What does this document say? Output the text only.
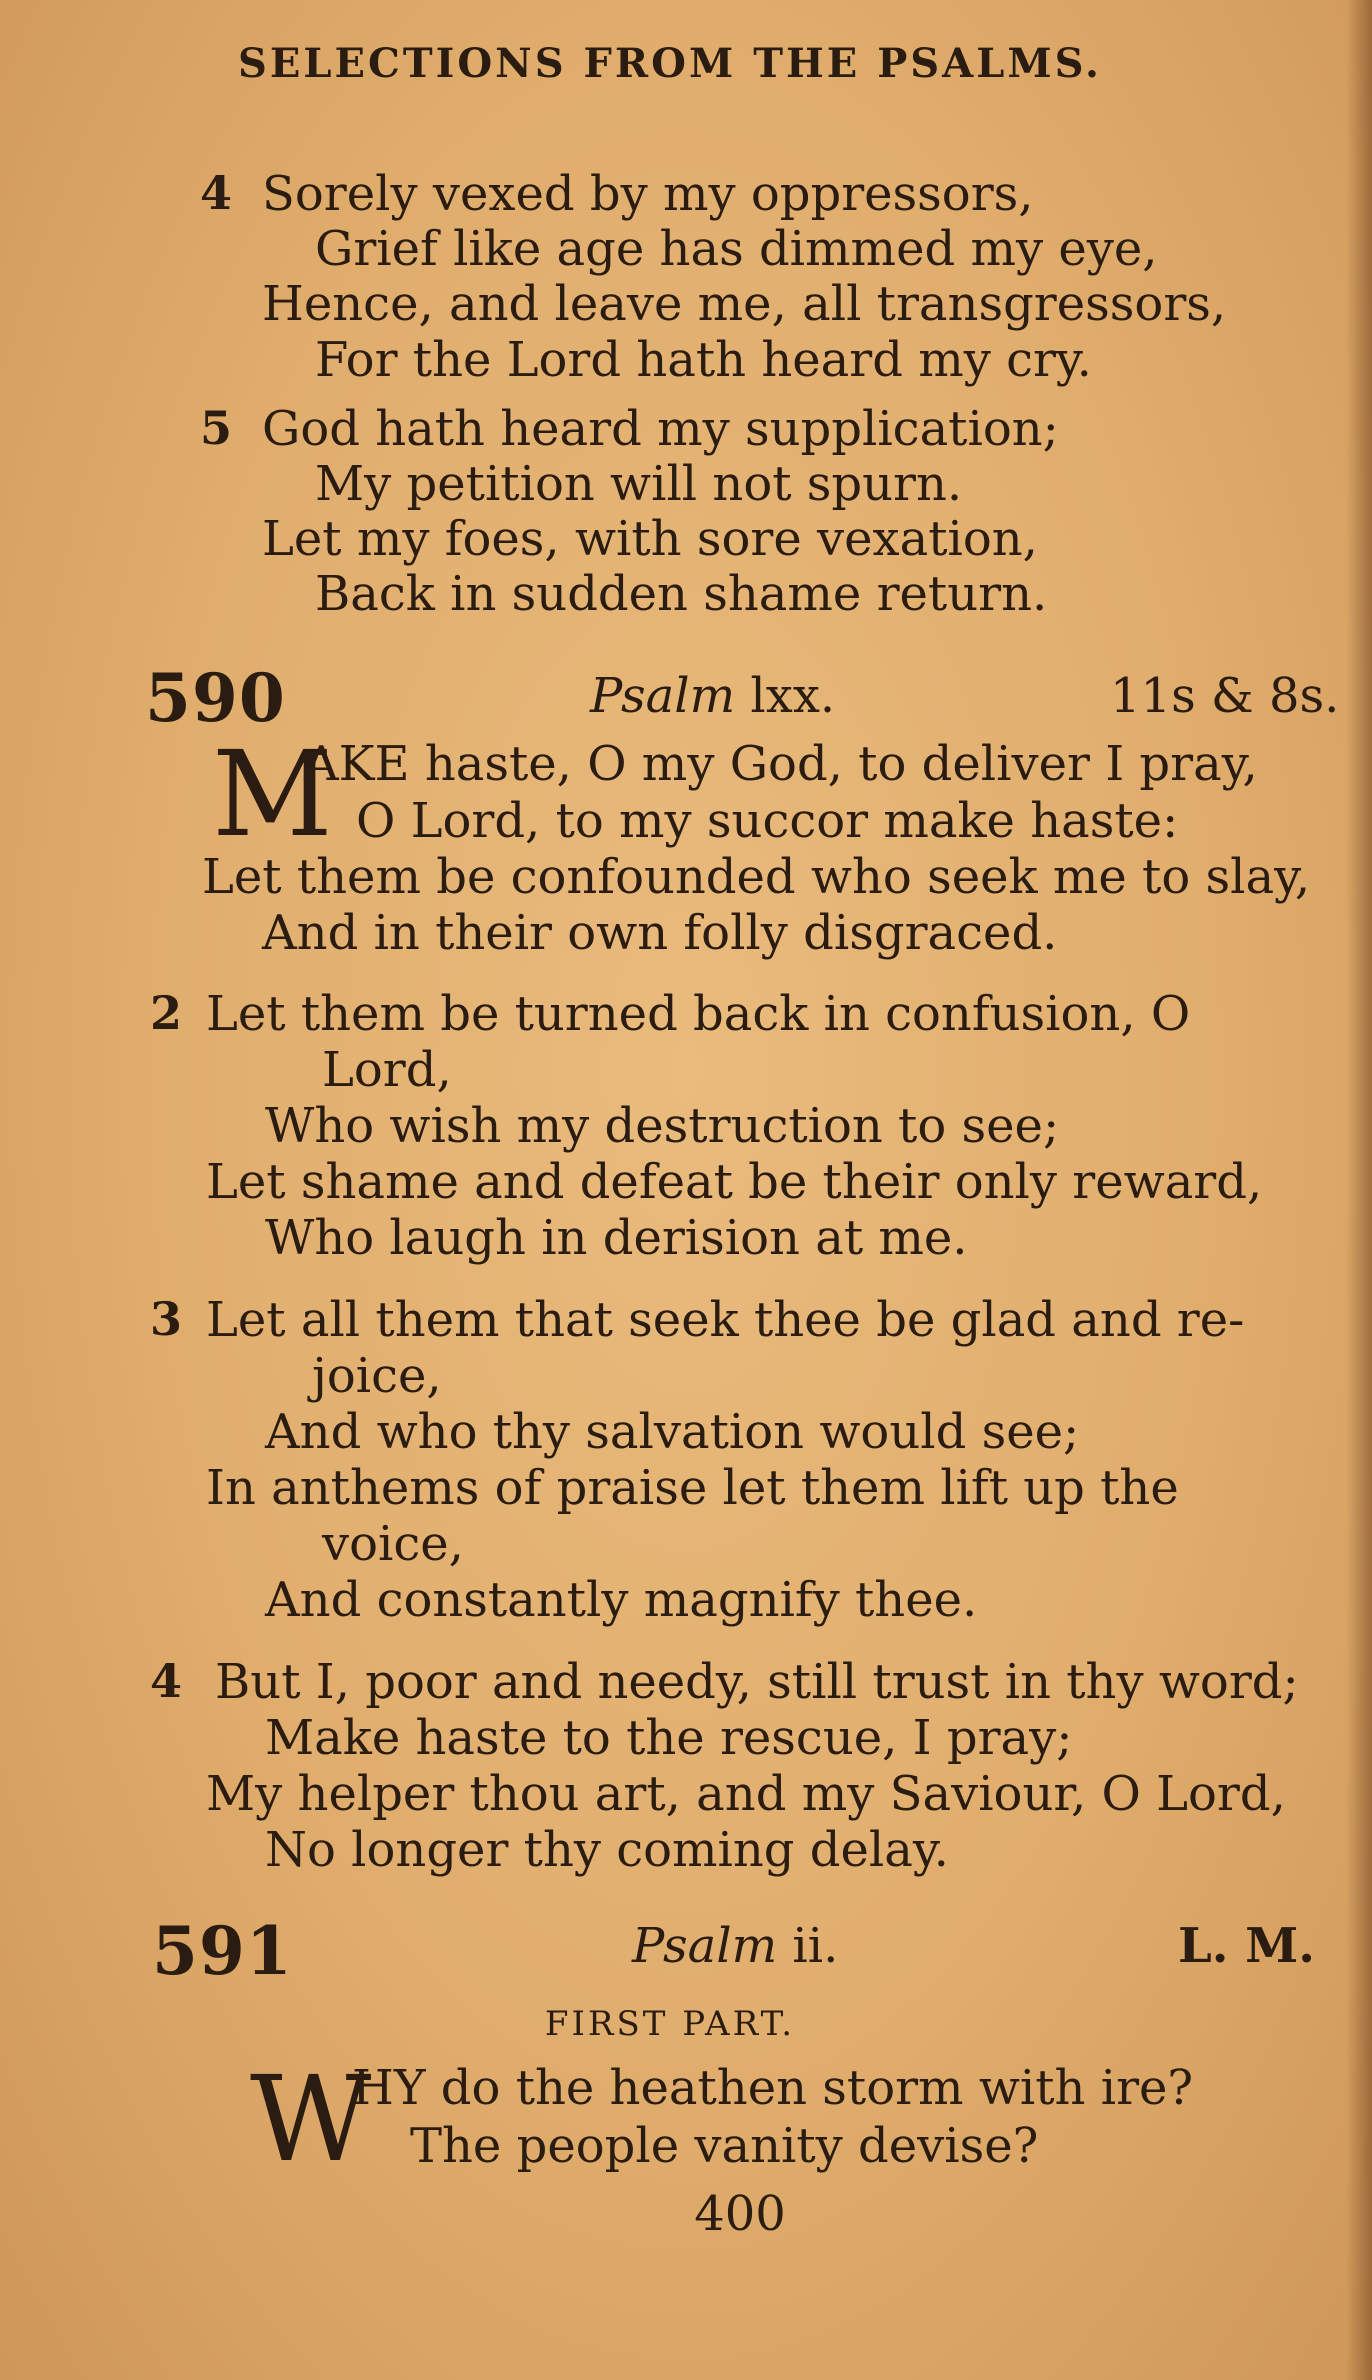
SELECTIONS FROM THE PSALMS.
4 Sorely vexed by my oppressors,
Grief like age has dimmed my eye,
Hence, and leave me, all transgressors,
For the Lord hath heard my cry.
5 God hath heard my supplication;
My petition will not spurn.
Let my foes, with sore vexation,
Back in sudden shame return.
590	Psalm lxx.	11s & 8s.
M
AKE haste, O my God, to deliver I pray,
O Lord, to my succor make haste:
Let them be confounded who seek me to slay,
And in their own folly disgraced.
2 Let them be turned back in confusion, O
Lord,
Who wish my destruction to see;
Let shame and defeat be their only reward,
Who laugh in derision at me.
3 Let all them that seek thee be glad and re-
joice,
And who thy salvation would see;
In anthems of praise let them lift up the
voice,
And constantly magnify thee.
4 But I, poor and needy, still trust in thy word;
Make haste to the rescue, I pray;
My helper thou art, and my Saviour, O Lord,
No longer thy coming delay.
591	Psalm ii.	L. M.
FIRST PART.
W
HY do the heathen storm with ire?
The people vanity devise?
400
